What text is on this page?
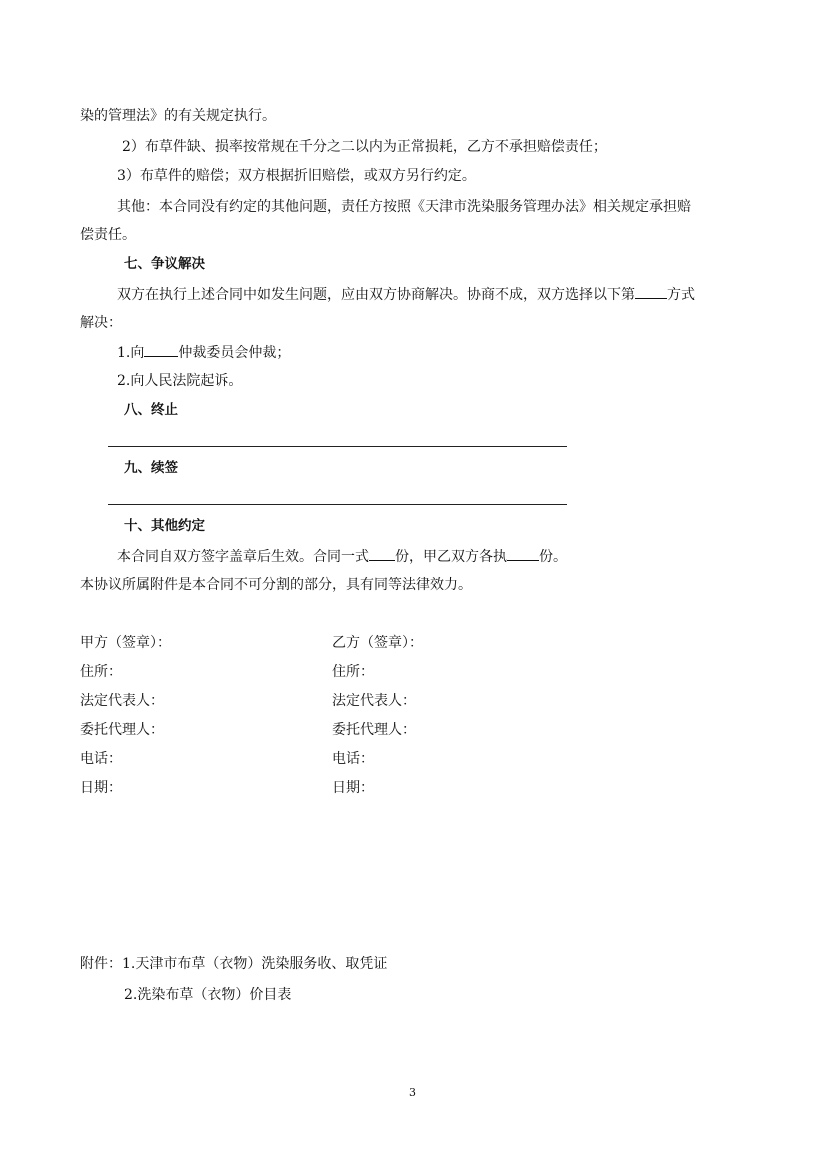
染的管理法》的有关规定执行。
2）布草件缺、损率按常规在千分之二以内为正常损耗，乙方不承担赔偿责任；
3）布草件的赔偿；双方根据折旧赔偿，或双方另行约定。
其他：本合同没有约定的其他问题，责任方按照《天津市洗染服务管理办法》相关规定承担赔
偿责任。
七、争议解决
双方在执行上述合同中如发生问题，应由双方协商解决。协商不成，双方选择以下第 方式
解决：
1.向 仲裁委员会仲裁；
2.向人民法院起诉。
八、终止
九、续签
十、其他约定
本合同自双方签字盖章后生效。合同一式 份，甲乙双方各执 份。
本协议所属附件是本合同不可分割的部分，具有同等法律效力。
甲方（签章）：
住所：
法定代表人：
委托代理人：
电话：
日期：
乙方（签章）：
住所：
法定代表人：
委托代理人：
电话：
日期：
附件：1.天津市布草（衣物）洗染服务收、取凭证
2.洗染布草（衣物）价目表
3
